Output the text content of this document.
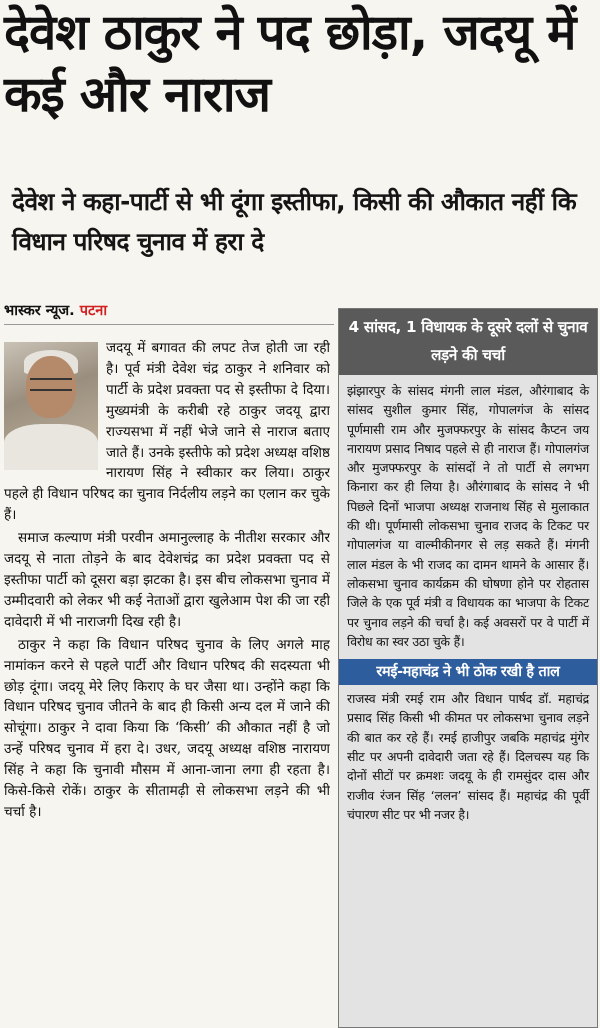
देवेश ठाकुर ने पद छोड़ा, जदयू में कई और नाराज
देवेश ने कहा-पार्टी से भी दूंगा इस्तीफा, किसी की औकात नहीं कि विधान परिषद चुनाव में हरा दे
भास्कर न्यूज. पटना

जदयू में बगावत की लपट तेज होती जा रही है। पूर्व मंत्री देवेश चंद्र ठाकुर ने शनिवार को पार्टी के प्रदेश प्रवक्ता पद से इस्तीफा दे दिया। मुख्यमंत्री के करीबी रहे ठाकुर जदयू द्वारा राज्यसभा में नहीं भेजे जाने से नाराज बताए जाते हैं। उनके इस्तीफे को प्रदेश अध्यक्ष वशिष्ठ नारायण सिंह ने स्वीकार कर लिया। ठाकुर पहले ही विधान परिषद का चुनाव निर्दलीय लड़ने का एलान कर चुके हैं।

समाज कल्याण मंत्री परवीन अमानुल्लाह के नीतीश सरकार और जदयू से नाता तोड़ने के बाद देवेशचंद्र का प्रदेश प्रवक्ता पद से इस्तीफा पार्टी को दूसरा बड़ा झटका है। इस बीच लोकसभा चुनाव में उम्मीदवारी को लेकर भी कई नेताओं द्वारा खुलेआम पेश की जा रही दावेदारी में भी नाराजगी दिख रही है।

ठाकुर ने कहा कि विधान परिषद चुनाव के लिए अगले माह नामांकन करने से पहले पार्टी और विधान परिषद की सदस्यता भी छोड़ दूंगा। जदयू मेरे लिए किराए के घर जैसा था। उन्होंने कहा कि विधान परिषद चुनाव जीतने के बाद ही किसी अन्य दल में जाने की सोचूंगा। ठाकुर ने दावा किया कि ‘किसी’ की औकात नहीं है जो उन्हें परिषद चुनाव में हरा दे। उधर, जदयू अध्यक्ष वशिष्ठ नारायण सिंह ने कहा कि चुनावी मौसम में आना-जाना लगा ही रहता है। किसे-किसे रोकें। ठाकुर के सीतामढ़ी से लोकसभा लड़ने की भी चर्चा है।

4 सांसद, 1 विधायक के दूसरे दलों से चुनाव लड़ने की चर्चा
झंझारपुर के सांसद मंगनी लाल मंडल, औरंगाबाद के सांसद सुशील कुमार सिंह, गोपालगंज के सांसद पूर्णमासी राम और मुजफ्फरपुर के सांसद कैप्टन जय नारायण प्रसाद निषाद पहले से ही नाराज हैं। गोपालगंज और मुजफ्फरपुर के सांसदों ने तो पार्टी से लगभग किनारा कर ही लिया है। औरंगाबाद के सांसद ने भी पिछले दिनों भाजपा अध्यक्ष राजनाथ सिंह से मुलाकात की थी। पूर्णमासी लोकसभा चुनाव राजद के टिकट पर गोपालगंज या वाल्मीकीनगर से लड़ सकते हैं। मंगनी लाल मंडल के भी राजद का दामन थामने के आसार हैं। लोकसभा चुनाव कार्यक्रम की घोषणा होने पर रोहतास जिले के एक पूर्व मंत्री व विधायक का भाजपा के टिकट पर चुनाव लड़ने की चर्चा है। कई अवसरों पर वे पार्टी में विरोध का स्वर उठा चुके हैं।
रमई-महाचंद्र ने भी ठोक रखी है ताल
राजस्व मंत्री रमई राम और विधान पार्षद डॉ. महाचंद्र प्रसाद सिंह किसी भी कीमत पर लोकसभा चुनाव लड़ने की बात कर रहे हैं। रमई हाजीपुर जबकि महाचंद्र मुंगेर सीट पर अपनी दावेदारी जता रहे हैं। दिलचस्प यह कि दोनों सीटों पर क्रमशः जदयू के ही रामसुंदर दास और राजीव रंजन सिंह ‘ललन’ सांसद हैं। महाचंद्र की पूर्वी चंपारण सीट पर भी नजर है।
